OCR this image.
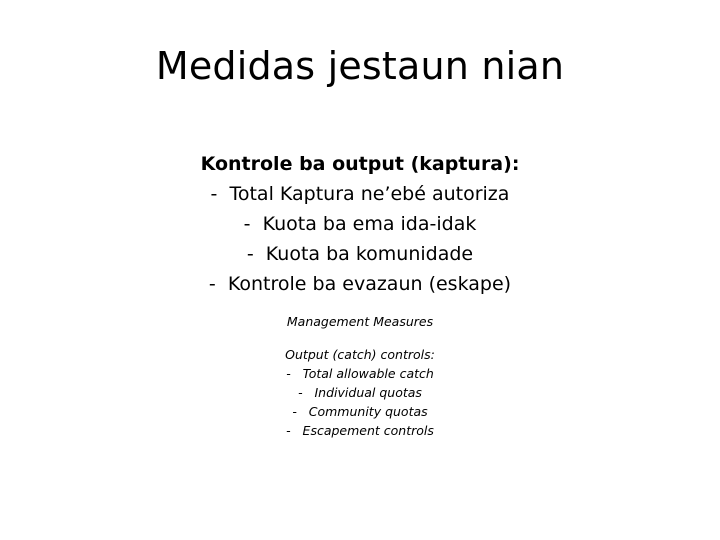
Medidas jestaun nian
Kontrole ba output (kaptura):
-  Total Kaptura ne’ebé autoriza
-  Kuota ba ema ida-idak
-  Kuota ba komunidade
-  Kontrole ba evazaun (eskape)
Management Measures
Output (catch) controls:
-   Total allowable catch
-   Individual quotas
-   Community quotas
-   Escapement controls
